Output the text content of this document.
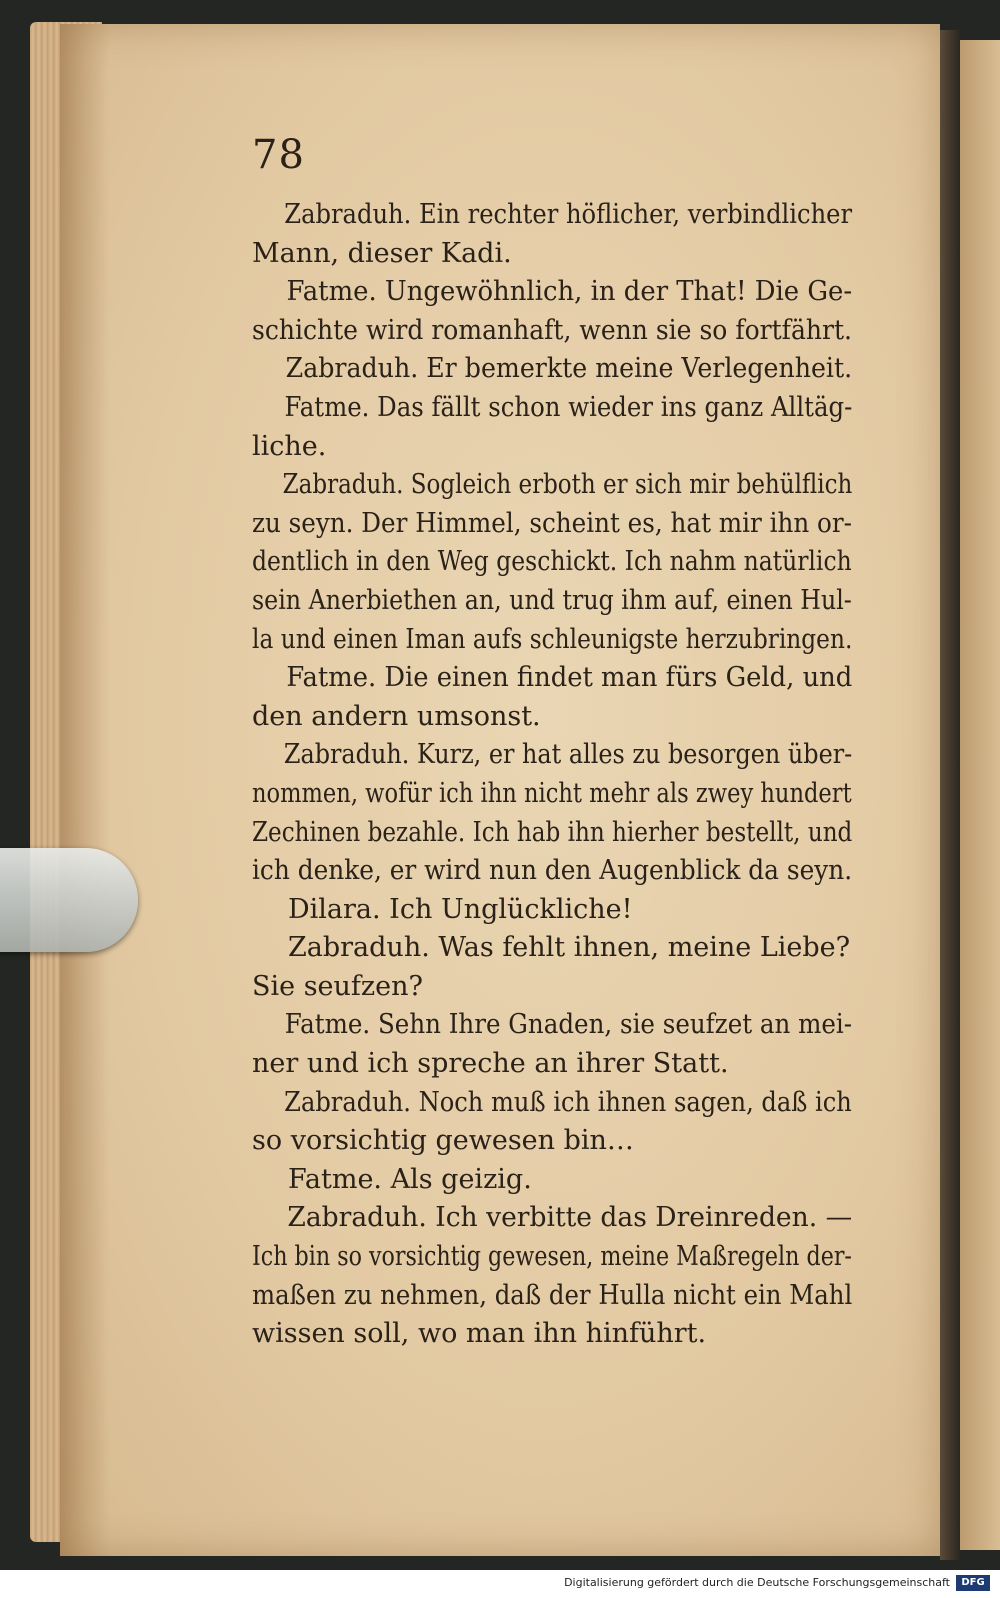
78
Zabraduh. Ein rechter höflicher, verbindlicher
Mann, dieser Kadi.
Fatme. Ungewöhnlich, in der That! Die Ge-
schichte wird romanhaft, wenn sie so fortfährt.
Zabraduh. Er bemerkte meine Verlegenheit.
Fatme. Das fällt schon wieder ins ganz Alltäg-
liche.
Zabraduh. Sogleich erboth er sich mir behülflich
zu seyn. Der Himmel, scheint es, hat mir ihn or-
dentlich in den Weg geschickt. Ich nahm natürlich
sein Anerbiethen an, und trug ihm auf, einen Hul-
la und einen Iman aufs schleunigste herzubringen.
Fatme. Die einen findet man fürs Geld, und
den andern umsonst.
Zabraduh. Kurz, er hat alles zu besorgen über-
nommen, wofür ich ihn nicht mehr als zwey hundert
Zechinen bezahle. Ich hab ihn hierher bestellt, und
ich denke, er wird nun den Augenblick da seyn.
Dilara. Ich Unglückliche!
Zabraduh. Was fehlt ihnen, meine Liebe?
Sie seufzen?
Fatme. Sehn Ihre Gnaden, sie seufzet an mei-
ner und ich spreche an ihrer Statt.
Zabraduh. Noch muß ich ihnen sagen, daß ich
so vorsichtig gewesen bin…
Fatme. Als geizig.
Zabraduh. Ich verbitte das Dreinreden. —
Ich bin so vorsichtig gewesen, meine Maßregeln der-
maßen zu nehmen, daß der Hulla nicht ein Mahl
wissen soll, wo man ihn hinführt.
Digitalisierung gefördert durch die Deutsche Forschungsgemeinschaft	DFG
